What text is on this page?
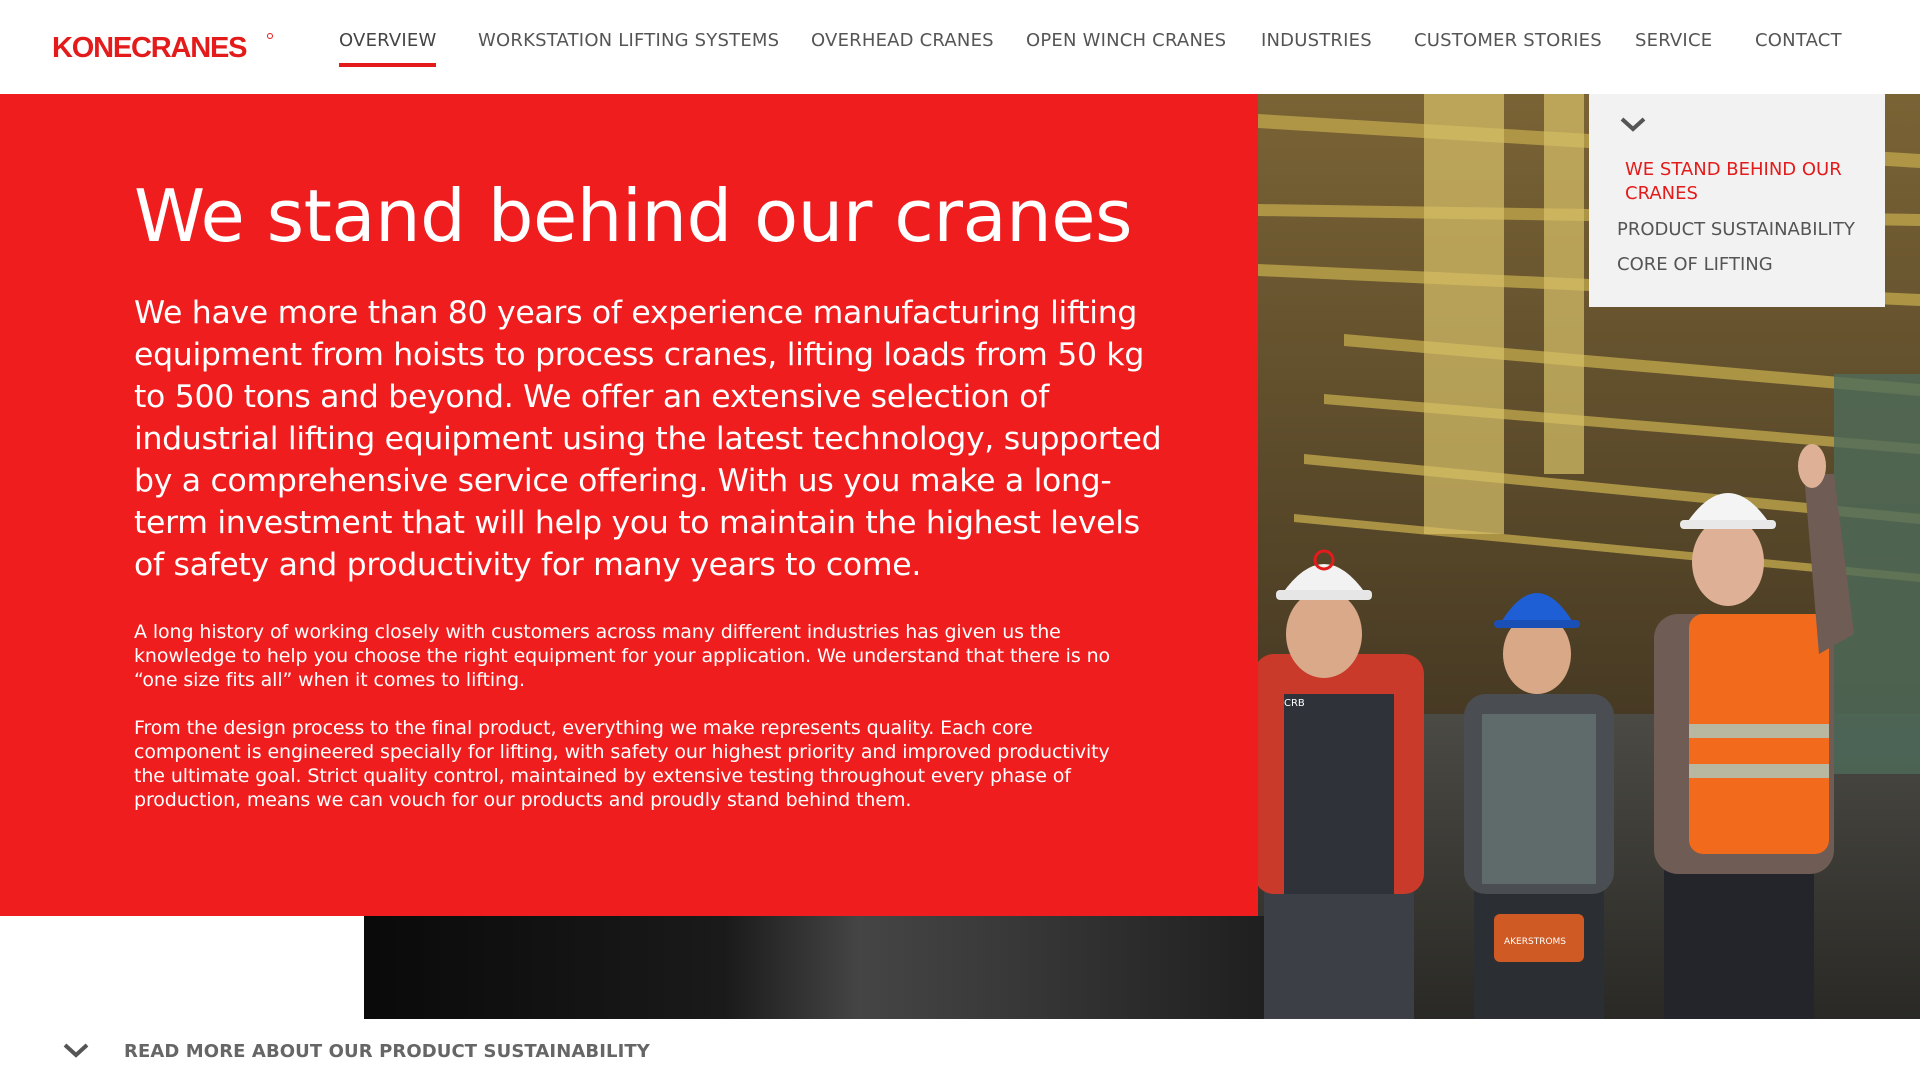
KONECRANES	OVERVIEW WORKSTATION LIFTING SYSTEMS OVERHEAD CRANES OPEN WINCH CRANES INDUSTRIES CUSTOMER STORIES SERVICE CONTACT
CRB
AKERSTROMS
We stand behind our cranes

We have more than 80 years of experience manufacturing lifting equipment from hoists to process cranes, lifting loads from 50 kg to 500 tons and beyond. We offer an extensive selection of industrial lifting equipment using the latest technology, supported by a comprehensive service offering. With us you make a long-term investment that will help you to maintain the highest levels of safety and productivity for many years to come.

A long history of working closely with customers across many different industries has given us the knowledge to help you choose the right equipment for your application. We understand that there is no “one size fits all” when it comes to lifting.

From the design process to the final product, everything we make represents quality. Each core component is engineered specially for lifting, with safety our highest priority and improved productivity the ultimate goal. Strict quality control, maintained by extensive testing throughout every phase of production, means we can vouch for our products and proudly stand behind them.

WE STAND BEHIND OUR CRANES
PRODUCT SUSTAINABILITY
CORE OF LIFTING
READ MORE ABOUT OUR PRODUCT SUSTAINABILITY
